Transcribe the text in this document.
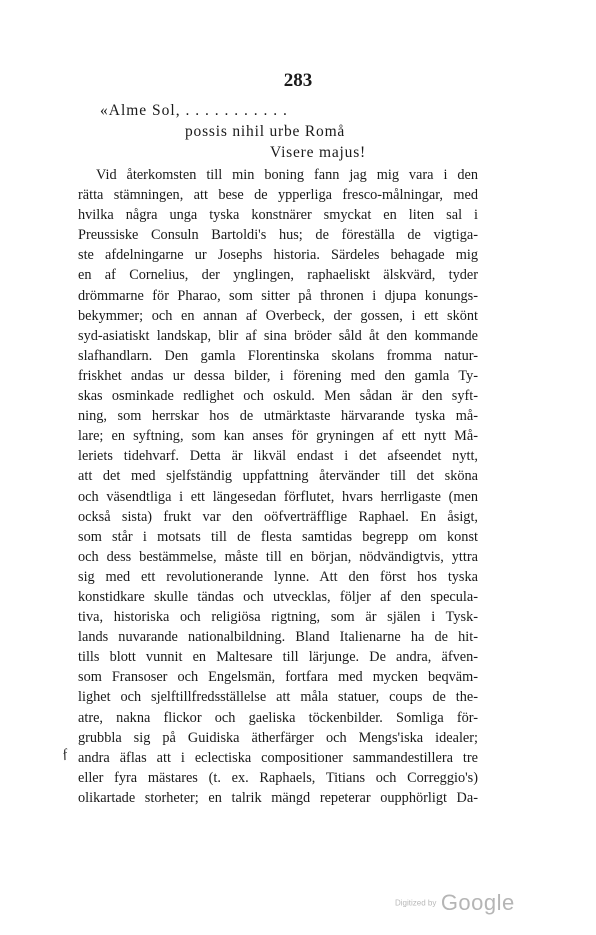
283
«Alme Sol, . . . . . . . . . . .
possis nihil urbe Romå
Visere majus!
Vid återkomsten till min boning fann jag mig vara i den
rätta stämningen, att bese de ypperliga fresco-målningar, med
hvilka några unga tyska konstnärer smyckat en liten sal i
Preussiske Consuln Bartoldi's hus; de föreställa de vigtiga-
ste afdelningarne ur Josephs historia. Särdeles behagade mig
en af Cornelius, der ynglingen, raphaeliskt älskvärd, tyder
drömmarne för Pharao, som sitter på thronen i djupa konungs-
bekymmer; och en annan af Overbeck, der gossen, i ett skönt
syd-asiatiskt landskap, blir af sina bröder såld åt den kommande
slafhandlarn. Den gamla Florentinska skolans fromma natur-
friskhet andas ur dessa bilder, i förening med den gamla Ty-
skas osminkade redlighet och oskuld. Men sådan är den syft-
ning, som herrskar hos de utmärktaste härvarande tyska må-
lare; en syftning, som kan anses för gryningen af ett nytt Må-
leriets tidehvarf. Detta är likväl endast i det afseendet nytt,
att det med sjelfständig uppfattning återvänder till det sköna
och väsendtliga i ett längesedan förflutet, hvars herrligaste (men
också sista) frukt var den oöfverträfflige Raphael. En åsigt,
som står i motsats till de flesta samtidas begrepp om konst
och dess bestämmelse, måste till en början, nödvändigtvis, yttra
sig med ett revolutionerande lynne. Att den först hos tyska
konstidkare skulle tändas och utvecklas, följer af den specula-
tiva, historiska och religiösa rigtning, som är själen i Tysk-
lands nuvarande nationalbildning. Bland Italienarne ha de hit-
tills blott vunnit en Maltesare till lärjunge. De andra, äfven-
som Fransoser och Engelsmän, fortfara med mycken beqväm-
lighet och sjelftillfredsställelse att måla statuer, coups de the-
atre, nakna flickor och gaeliska töckenbilder. Somliga för-
grubbla sig på Guidiska ätherfärger och Mengs'iska idealer;
andra äflas att i eclectiska compositioner sammandestillera tre
eller fyra mästares (t. ex. Raphaels, Titians och Correggio's)
olikartade storheter; en talrik mängd repeterar oupphörligt Da-
ƒ
Digitized by Google
